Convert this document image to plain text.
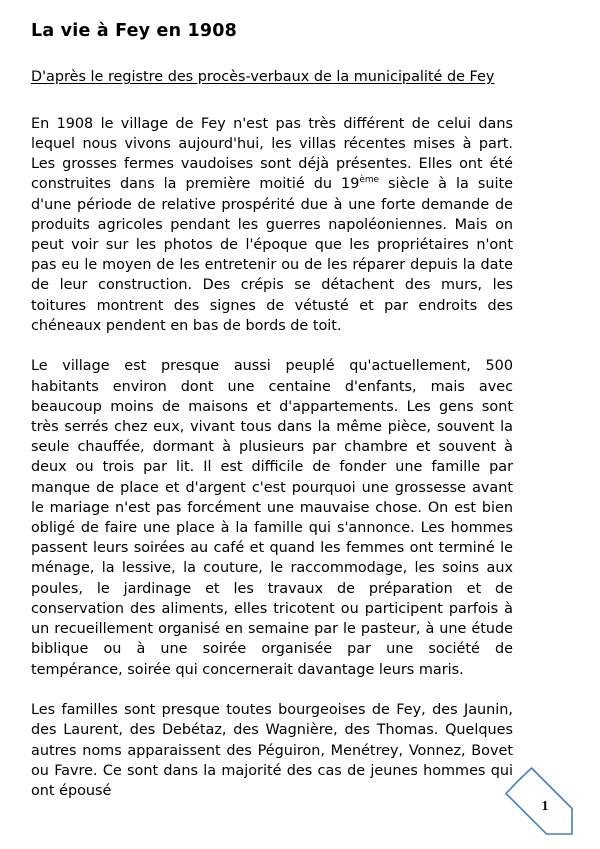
La vie à Fey en 1908
D'après le registre des procès-verbaux de la municipalité de Fey

En 1908 le village de Fey n'est pas très différent de celui dans lequel nous vivons aujourd'hui, les villas récentes mises à part. Les grosses fermes vaudoises sont déjà présentes. Elles ont été construites dans la première moitié du 19ème siècle à la suite d'une période de relative prospérité due à une forte demande de produits agricoles pendant les guerres napoléoniennes. Mais on peut voir sur les photos de l'époque que les propriétaires n'ont pas eu le moyen de les entretenir ou de les réparer depuis la date de leur construction. Des crépis se détachent des murs, les toitures montrent des signes de vétusté et par endroits des chéneaux pendent en bas de bords de toit.

Le village est presque aussi peuplé qu'actuellement, 500 habitants environ dont une centaine d'enfants, mais avec beaucoup moins de maisons et d'appartements. Les gens sont très serrés chez eux, vivant tous dans la même pièce, souvent la seule chauffée, dormant à plusieurs par chambre et souvent à deux ou trois par lit. Il est difficile de fonder une famille par manque de place et d'argent c'est pourquoi une grossesse avant le mariage n'est pas forcément une mauvaise chose. On est bien obligé de faire une place à la famille qui s'annonce. Les hommes passent leurs soirées au café et quand les femmes ont terminé le ménage, la lessive, la couture, le raccommodage, les soins aux poules, le jardinage et les travaux de préparation et de conservation des aliments, elles tricotent ou participent parfois à un recueillement organisé en semaine par le pasteur, à une étude biblique ou à une soirée organisée par une société de tempérance, soirée qui concernerait davantage leurs maris.

Les familles sont presque toutes bourgeoises de Fey, des Jaunin, des Laurent, des Debétaz, des Wagnière, des Thomas. Quelques autres noms apparaissent des Péguiron, Menétrey, Vonnez, Bovet ou Favre. Ce sont dans la majorité des cas de jeunes hommes qui ont épousé

1
